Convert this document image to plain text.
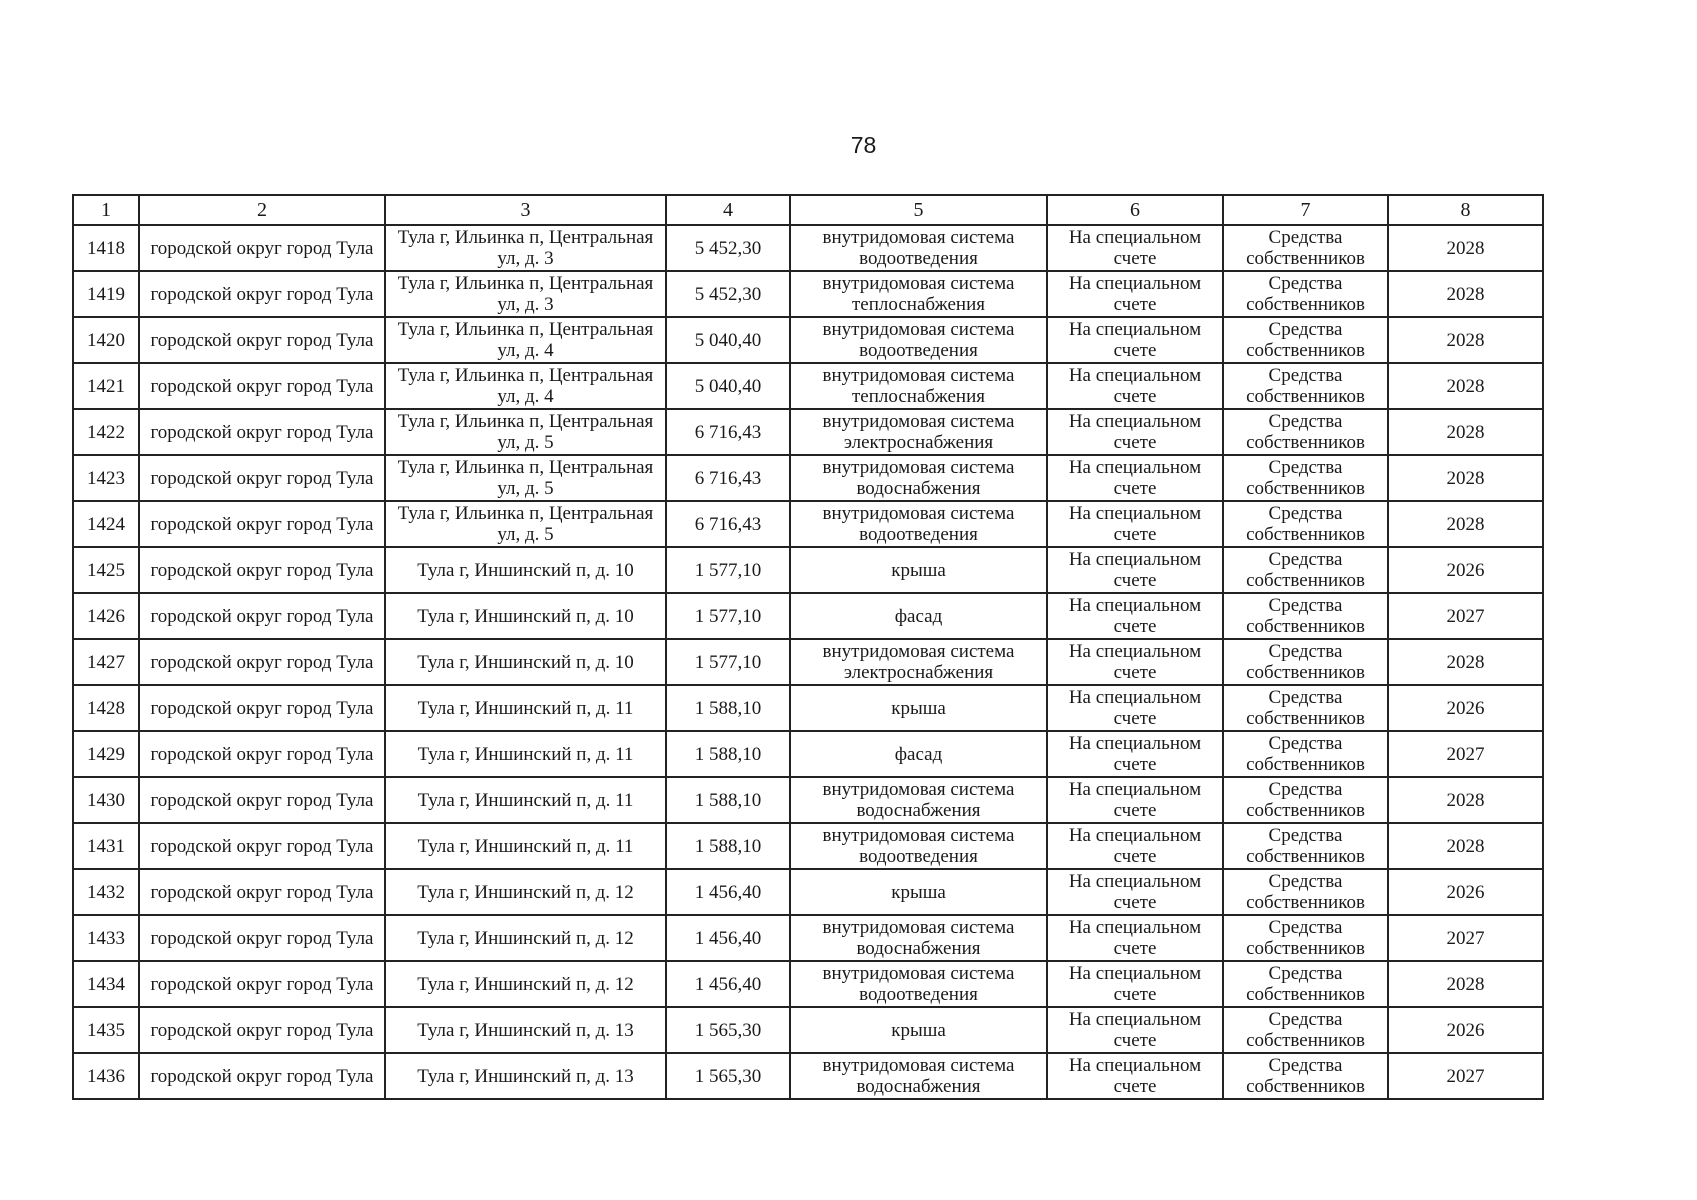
78
1	2	3	4	5	6	7	8
1418	городской округ город Тула	Тула г, Ильинка п, Центральная ул, д. 3	5 452,30	внутридомовая система водоотведения	На специальном счете	Средства собственников	2028
1419	городской округ город Тула	Тула г, Ильинка п, Центральная ул, д. 3	5 452,30	внутридомовая система теплоснабжения	На специальном счете	Средства собственников	2028
1420	городской округ город Тула	Тула г, Ильинка п, Центральная ул, д. 4	5 040,40	внутридомовая система водоотведения	На специальном счете	Средства собственников	2028
1421	городской округ город Тула	Тула г, Ильинка п, Центральная ул, д. 4	5 040,40	внутридомовая система теплоснабжения	На специальном счете	Средства собственников	2028
1422	городской округ город Тула	Тула г, Ильинка п, Центральная ул, д. 5	6 716,43	внутридомовая система электроснабжения	На специальном счете	Средства собственников	2028
1423	городской округ город Тула	Тула г, Ильинка п, Центральная ул, д. 5	6 716,43	внутридомовая система водоснабжения	На специальном счете	Средства собственников	2028
1424	городской округ город Тула	Тула г, Ильинка п, Центральная ул, д. 5	6 716,43	внутридомовая система водоотведения	На специальном счете	Средства собственников	2028
1425	городской округ город Тула	Тула г, Иншинский п, д. 10	1 577,10	крыша	На специальном счете	Средства собственников	2026
1426	городской округ город Тула	Тула г, Иншинский п, д. 10	1 577,10	фасад	На специальном счете	Средства собственников	2027
1427	городской округ город Тула	Тула г, Иншинский п, д. 10	1 577,10	внутридомовая система электроснабжения	На специальном счете	Средства собственников	2028
1428	городской округ город Тула	Тула г, Иншинский п, д. 11	1 588,10	крыша	На специальном счете	Средства собственников	2026
1429	городской округ город Тула	Тула г, Иншинский п, д. 11	1 588,10	фасад	На специальном счете	Средства собственников	2027
1430	городской округ город Тула	Тула г, Иншинский п, д. 11	1 588,10	внутридомовая система водоснабжения	На специальном счете	Средства собственников	2028
1431	городской округ город Тула	Тула г, Иншинский п, д. 11	1 588,10	внутридомовая система водоотведения	На специальном счете	Средства собственников	2028
1432	городской округ город Тула	Тула г, Иншинский п, д. 12	1 456,40	крыша	На специальном счете	Средства собственников	2026
1433	городской округ город Тула	Тула г, Иншинский п, д. 12	1 456,40	внутридомовая система водоснабжения	На специальном счете	Средства собственников	2027
1434	городской округ город Тула	Тула г, Иншинский п, д. 12	1 456,40	внутридомовая система водоотведения	На специальном счете	Средства собственников	2028
1435	городской округ город Тула	Тула г, Иншинский п, д. 13	1 565,30	крыша	На специальном счете	Средства собственников	2026
1436	городской округ город Тула	Тула г, Иншинский п, д. 13	1 565,30	внутридомовая система водоснабжения	На специальном счете	Средства собственников	2027
